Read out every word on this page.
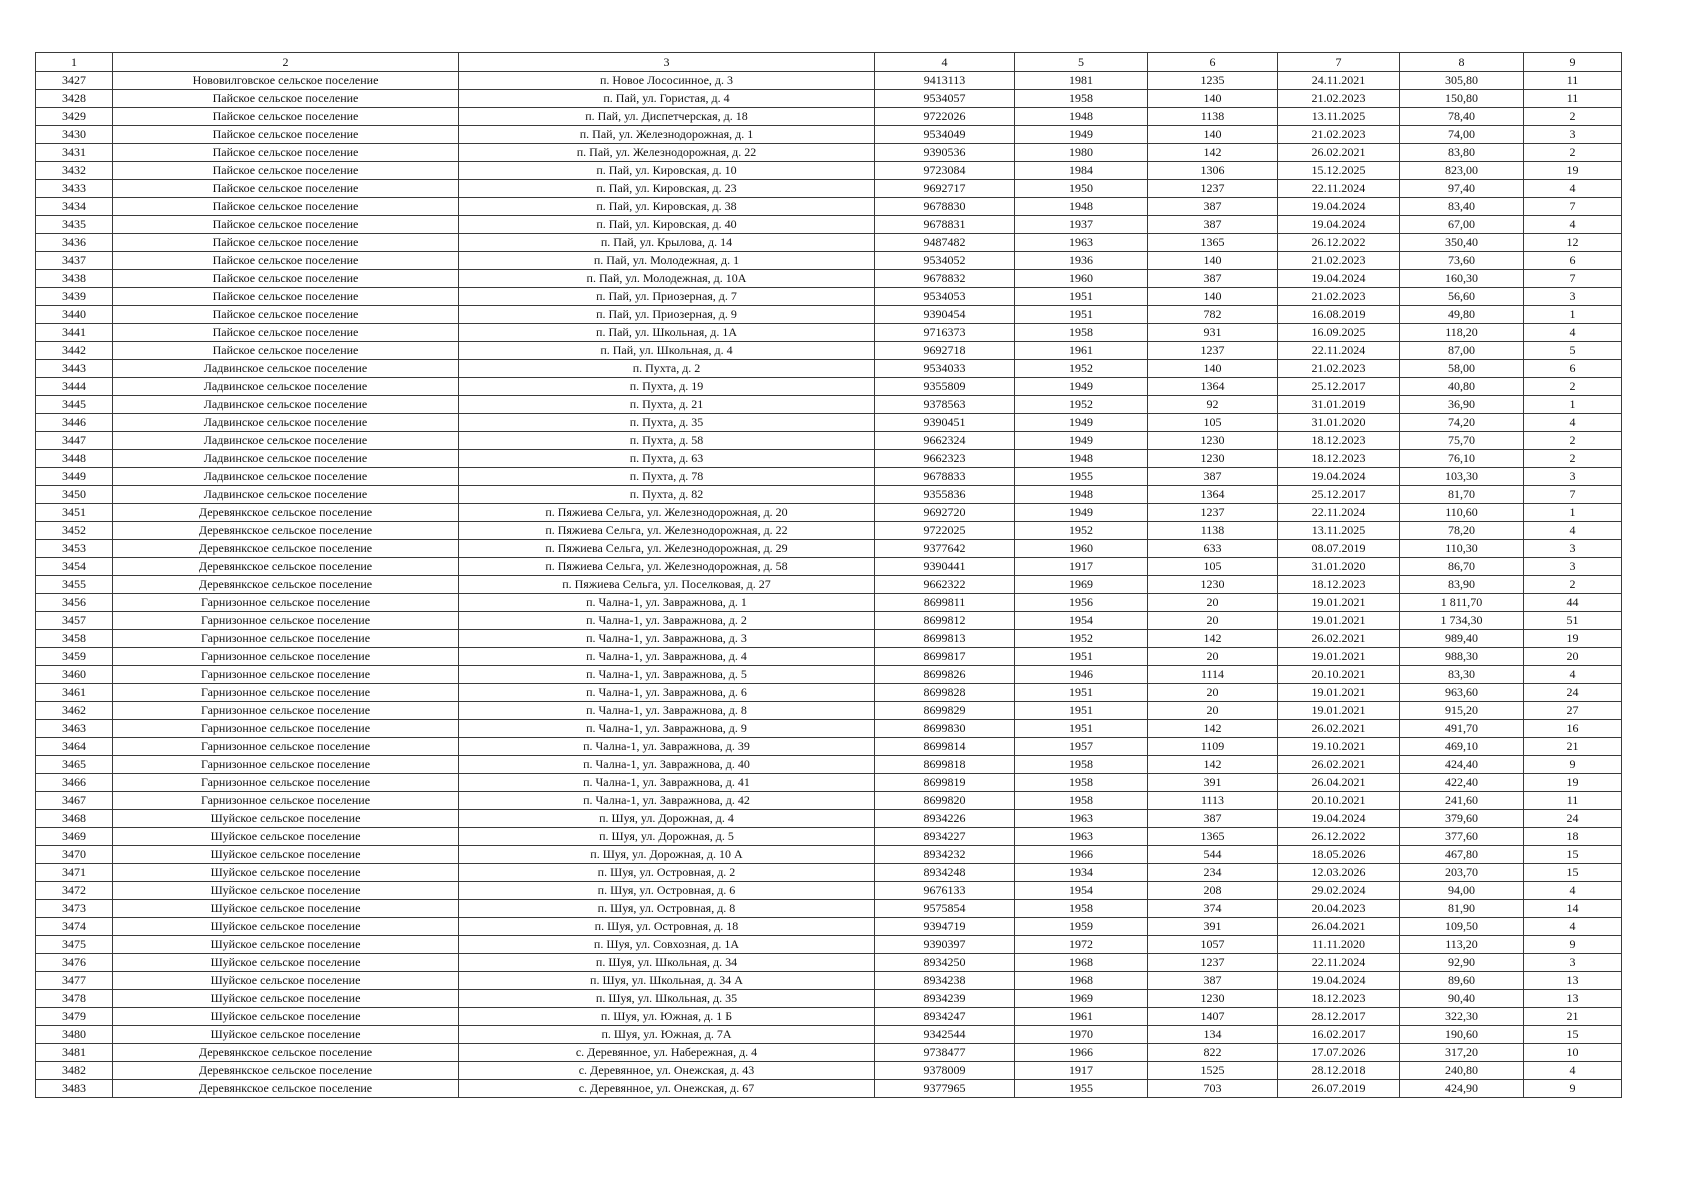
1	2	3	4	5	6	7	8	9
3427	Нововилговское сельское поселение	п. Новое Лососинное, д. 3	9413113	1981	1235	24.11.2021	305,80	11
3428	Пайское сельское поселение	п. Пай, ул. Гористая, д. 4	9534057	1958	140	21.02.2023	150,80	11
3429	Пайское сельское поселение	п. Пай, ул. Диспетчерская, д. 18	9722026	1948	1138	13.11.2025	78,40	2
3430	Пайское сельское поселение	п. Пай, ул. Железнодорожная, д. 1	9534049	1949	140	21.02.2023	74,00	3
3431	Пайское сельское поселение	п. Пай, ул. Железнодорожная, д. 22	9390536	1980	142	26.02.2021	83,80	2
3432	Пайское сельское поселение	п. Пай, ул. Кировская, д. 10	9723084	1984	1306	15.12.2025	823,00	19
3433	Пайское сельское поселение	п. Пай, ул. Кировская, д. 23	9692717	1950	1237	22.11.2024	97,40	4
3434	Пайское сельское поселение	п. Пай, ул. Кировская, д. 38	9678830	1948	387	19.04.2024	83,40	7
3435	Пайское сельское поселение	п. Пай, ул. Кировская, д. 40	9678831	1937	387	19.04.2024	67,00	4
3436	Пайское сельское поселение	п. Пай, ул. Крылова, д. 14	9487482	1963	1365	26.12.2022	350,40	12
3437	Пайское сельское поселение	п. Пай, ул. Молодежная, д. 1	9534052	1936	140	21.02.2023	73,60	6
3438	Пайское сельское поселение	п. Пай, ул. Молодежная, д. 10А	9678832	1960	387	19.04.2024	160,30	7
3439	Пайское сельское поселение	п. Пай, ул. Приозерная, д. 7	9534053	1951	140	21.02.2023	56,60	3
3440	Пайское сельское поселение	п. Пай, ул. Приозерная, д. 9	9390454	1951	782	16.08.2019	49,80	1
3441	Пайское сельское поселение	п. Пай, ул. Школьная, д. 1А	9716373	1958	931	16.09.2025	118,20	4
3442	Пайское сельское поселение	п. Пай, ул. Школьная, д. 4	9692718	1961	1237	22.11.2024	87,00	5
3443	Ладвинское сельское поселение	п. Пухта, д. 2	9534033	1952	140	21.02.2023	58,00	6
3444	Ладвинское сельское поселение	п. Пухта, д. 19	9355809	1949	1364	25.12.2017	40,80	2
3445	Ладвинское сельское поселение	п. Пухта, д. 21	9378563	1952	92	31.01.2019	36,90	1
3446	Ладвинское сельское поселение	п. Пухта, д. 35	9390451	1949	105	31.01.2020	74,20	4
3447	Ладвинское сельское поселение	п. Пухта, д. 58	9662324	1949	1230	18.12.2023	75,70	2
3448	Ладвинское сельское поселение	п. Пухта, д. 63	9662323	1948	1230	18.12.2023	76,10	2
3449	Ладвинское сельское поселение	п. Пухта, д. 78	9678833	1955	387	19.04.2024	103,30	3
3450	Ладвинское сельское поселение	п. Пухта, д. 82	9355836	1948	1364	25.12.2017	81,70	7
3451	Деревянкское сельское поселение	п. Пяжиева Сельга, ул. Железнодорожная, д. 20	9692720	1949	1237	22.11.2024	110,60	1
3452	Деревянкское сельское поселение	п. Пяжиева Сельга, ул. Железнодорожная, д. 22	9722025	1952	1138	13.11.2025	78,20	4
3453	Деревянкское сельское поселение	п. Пяжиева Сельга, ул. Железнодорожная, д. 29	9377642	1960	633	08.07.2019	110,30	3
3454	Деревянкское сельское поселение	п. Пяжиева Сельга, ул. Железнодорожная, д. 58	9390441	1917	105	31.01.2020	86,70	3
3455	Деревянкское сельское поселение	п. Пяжиева Сельга, ул. Поселковая, д. 27	9662322	1969	1230	18.12.2023	83,90	2
3456	Гарнизонное сельское поселение	п. Чална-1, ул. Завражнова, д. 1	8699811	1956	20	19.01.2021	1 811,70	44
3457	Гарнизонное сельское поселение	п. Чална-1, ул. Завражнова, д. 2	8699812	1954	20	19.01.2021	1 734,30	51
3458	Гарнизонное сельское поселение	п. Чална-1, ул. Завражнова, д. 3	8699813	1952	142	26.02.2021	989,40	19
3459	Гарнизонное сельское поселение	п. Чална-1, ул. Завражнова, д. 4	8699817	1951	20	19.01.2021	988,30	20
3460	Гарнизонное сельское поселение	п. Чална-1, ул. Завражнова, д. 5	8699826	1946	1114	20.10.2021	83,30	4
3461	Гарнизонное сельское поселение	п. Чална-1, ул. Завражнова, д. 6	8699828	1951	20	19.01.2021	963,60	24
3462	Гарнизонное сельское поселение	п. Чална-1, ул. Завражнова, д. 8	8699829	1951	20	19.01.2021	915,20	27
3463	Гарнизонное сельское поселение	п. Чална-1, ул. Завражнова, д. 9	8699830	1951	142	26.02.2021	491,70	16
3464	Гарнизонное сельское поселение	п. Чална-1, ул. Завражнова, д. 39	8699814	1957	1109	19.10.2021	469,10	21
3465	Гарнизонное сельское поселение	п. Чална-1, ул. Завражнова, д. 40	8699818	1958	142	26.02.2021	424,40	9
3466	Гарнизонное сельское поселение	п. Чална-1, ул. Завражнова, д. 41	8699819	1958	391	26.04.2021	422,40	19
3467	Гарнизонное сельское поселение	п. Чална-1, ул. Завражнова, д. 42	8699820	1958	1113	20.10.2021	241,60	11
3468	Шуйское сельское поселение	п. Шуя, ул. Дорожная, д. 4	8934226	1963	387	19.04.2024	379,60	24
3469	Шуйское сельское поселение	п. Шуя, ул. Дорожная, д. 5	8934227	1963	1365	26.12.2022	377,60	18
3470	Шуйское сельское поселение	п. Шуя, ул. Дорожная, д. 10 А	8934232	1966	544	18.05.2026	467,80	15
3471	Шуйское сельское поселение	п. Шуя, ул. Островная, д. 2	8934248	1934	234	12.03.2026	203,70	15
3472	Шуйское сельское поселение	п. Шуя, ул. Островная, д. 6	9676133	1954	208	29.02.2024	94,00	4
3473	Шуйское сельское поселение	п. Шуя, ул. Островная, д. 8	9575854	1958	374	20.04.2023	81,90	14
3474	Шуйское сельское поселение	п. Шуя, ул. Островная, д. 18	9394719	1959	391	26.04.2021	109,50	4
3475	Шуйское сельское поселение	п. Шуя, ул. Совхозная, д. 1А	9390397	1972	1057	11.11.2020	113,20	9
3476	Шуйское сельское поселение	п. Шуя, ул. Школьная, д. 34	8934250	1968	1237	22.11.2024	92,90	3
3477	Шуйское сельское поселение	п. Шуя, ул. Школьная, д. 34 А	8934238	1968	387	19.04.2024	89,60	13
3478	Шуйское сельское поселение	п. Шуя, ул. Школьная, д. 35	8934239	1969	1230	18.12.2023	90,40	13
3479	Шуйское сельское поселение	п. Шуя, ул. Южная, д. 1 Б	8934247	1961	1407	28.12.2017	322,30	21
3480	Шуйское сельское поселение	п. Шуя, ул. Южная, д. 7А	9342544	1970	134	16.02.2017	190,60	15
3481	Деревянкское сельское поселение	с. Деревянное, ул. Набережная, д. 4	9738477	1966	822	17.07.2026	317,20	10
3482	Деревянкское сельское поселение	с. Деревянное, ул. Онежская, д. 43	9378009	1917	1525	28.12.2018	240,80	4
3483	Деревянкское сельское поселение	с. Деревянное, ул. Онежская, д. 67	9377965	1955	703	26.07.2019	424,90	9
